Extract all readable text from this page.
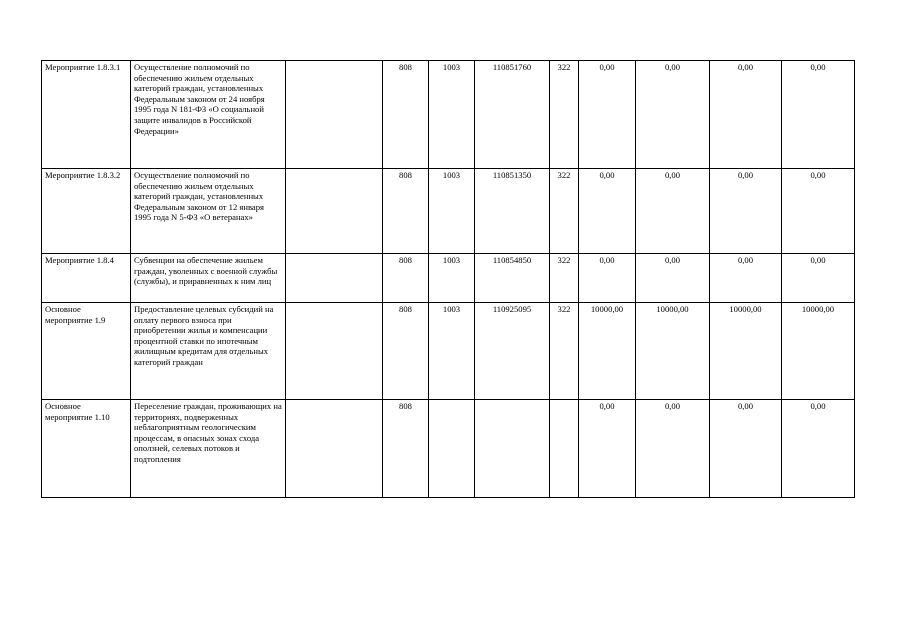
Мероприятие 1.8.3.1	Осуществление полномочий по обеспечению жильем отдельных категорий граждан, установленных Федеральным законом от 24 ноября 1995 года N 181-ФЗ «О социальной защите инвалидов в Российской Федерации»		808	1003	110851760	322	0,00	0,00	0,00	0,00
Мероприятие 1.8.3.2	Осуществление полномочий по обеспечению жильем отдельных категорий граждан, установленных Федеральным законом от 12 января 1995 года N 5-ФЗ «О ветеранах»		808	1003	110851350	322	0,00	0,00	0,00	0,00
Мероприятие 1.8.4	Субвенции на обеспечение жильем граждан, уволенных с военной службы (службы), и приравненных к ним лиц		808	1003	110854850	322	0,00	0,00	0,00	0,00
Основное мероприятие 1.9	Предоставление целевых субсидий на оплату первого взноса при приобретении жилья и компенсации процентной ставки по ипотечным жилищным кредитам для отдельных категорий граждан		808	1003	110925095	322	10000,00	10000,00	10000,00	10000,00
Основное мероприятие 1.10	Переселение граждан, проживающих на территориях, подверженных неблагоприятным геологическим процессам, в опасных зонах схода оползней, селевых потоков и подтопления		808				0,00	0,00	0,00	0,00
